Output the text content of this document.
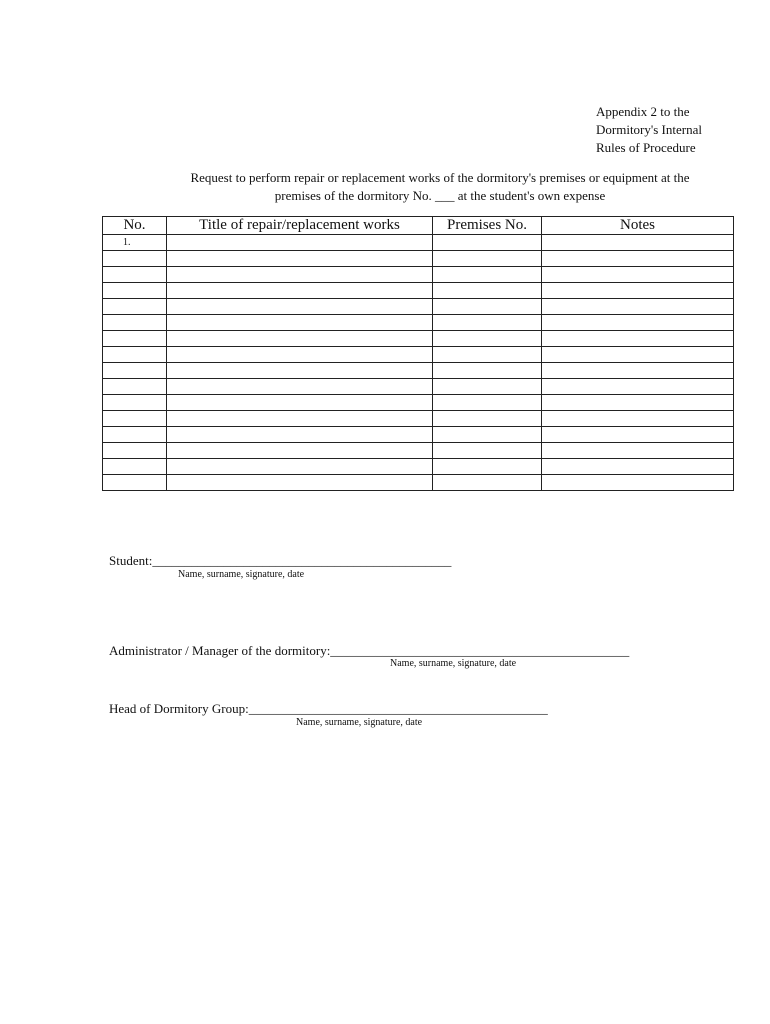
Appendix 2 to the
Dormitory's Internal
Rules of Procedure
Request to perform repair or replacement works of the dormitory's premises or equipment at the
premises of the dormitory No. ___ at the student's own expense
No.	Title of repair/replacement works	Premises No.	Notes
1.			

Student:______________________________________________
Name, surname, signature, date
Administrator / Manager of the dormitory:______________________________________________
Name, surname, signature, date
Head of Dormitory Group:______________________________________________
Name, surname, signature, date
